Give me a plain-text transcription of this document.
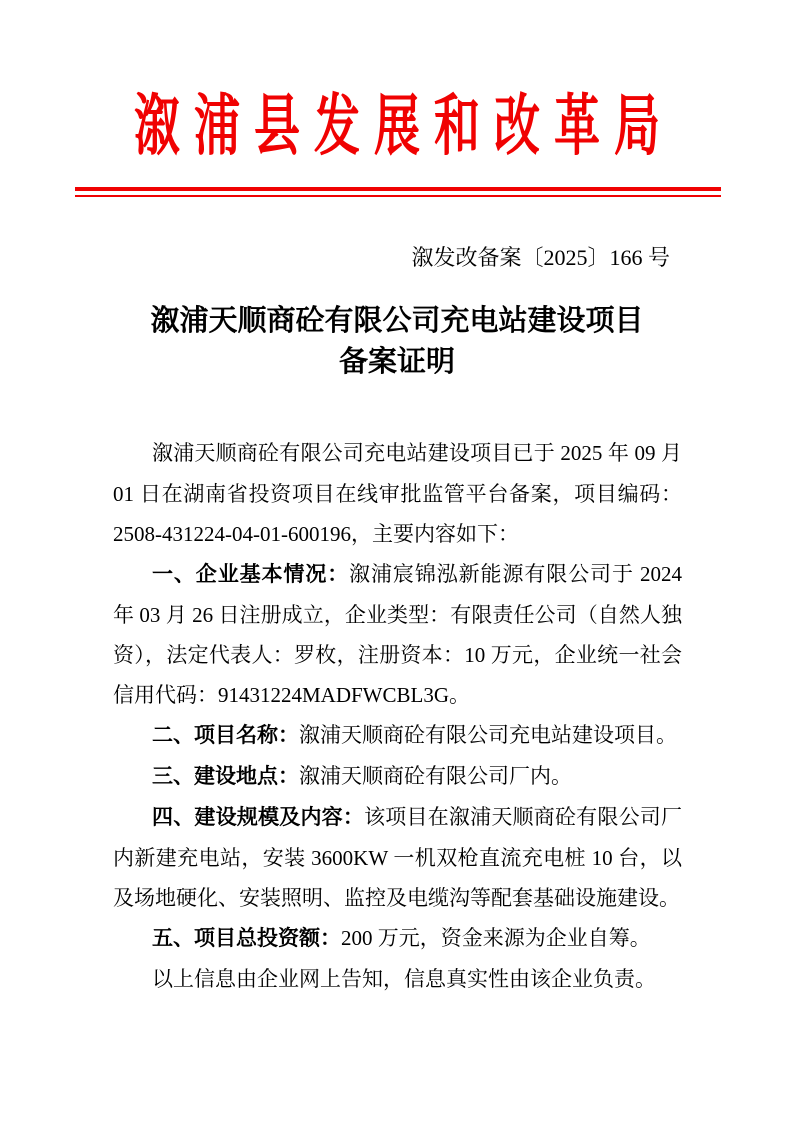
溆浦县发展和改革局
溆发改备案〔2025〕166 号
溆浦天顺商砼有限公司充电站建设项目
备案证明

溆浦天顺商砼有限公司充电站建设项目已于 2025 年 09 月 01 日在湖南省投资项目在线审批监管平台备案，项目编码：2508-431224-04-01-600196，主要内容如下：

一、企业基本情况：溆浦宸锦泓新能源有限公司于 2024 年 03 月 26 日注册成立，企业类型：有限责任公司（自然人独资），法定代表人：罗枚，注册资本：10 万元，企业统一社会信用代码：91431224MADFWCBL3G。

二、项目名称：溆浦天顺商砼有限公司充电站建设项目。

三、建设地点：溆浦天顺商砼有限公司厂内。

四、建设规模及内容：该项目在溆浦天顺商砼有限公司厂内新建充电站，安装 3600KW 一机双枪直流充电桩 10 台，以及场地硬化、安装照明、监控及电缆沟等配套基础设施建设。

五、项目总投资额：200 万元，资金来源为企业自筹。

以上信息由企业网上告知，信息真实性由该企业负责。
